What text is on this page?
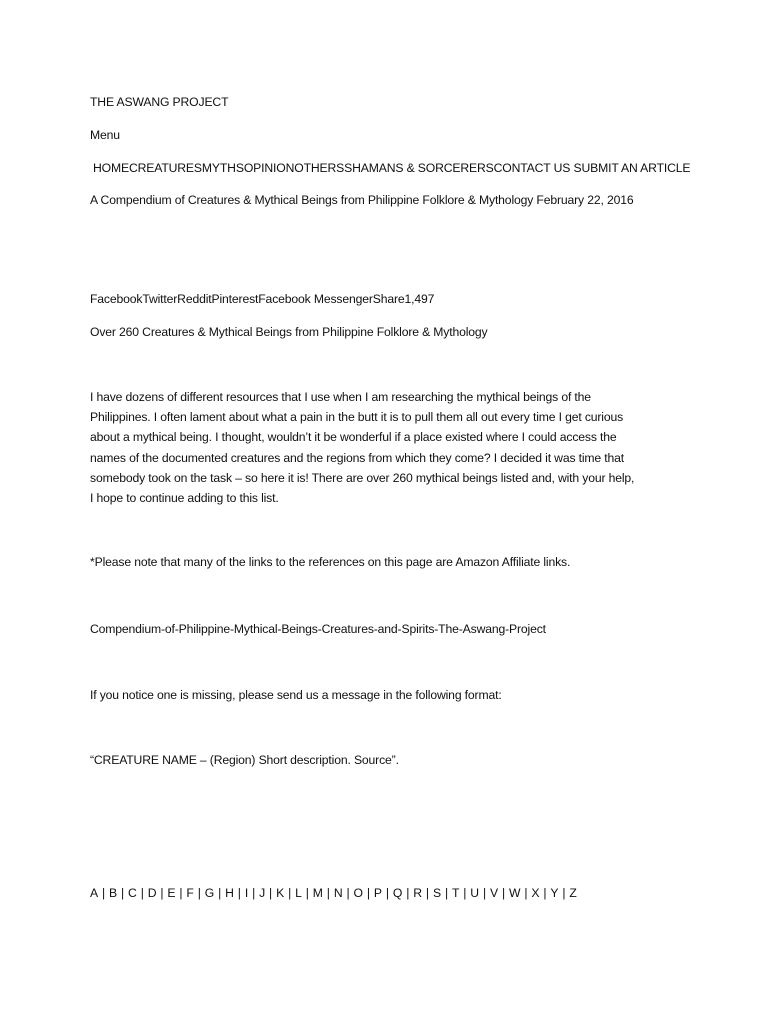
THE ASWANG PROJECT
Menu
HOMECREATURESMYTHSOPINIONOTHERSSHAMANS & SORCERERSCONTACT US SUBMIT AN ARTICLE
A Compendium of Creatures & Mythical Beings from Philippine Folklore & Mythology February 22, 2016
FacebookTwitterRedditPinterestFacebook MessengerShare1,497
Over 260 Creatures & Mythical Beings from Philippine Folklore & Mythology
I have dozens of different resources that I use when I am researching the mythical beings of the
Philippines. I often lament about what a pain in the butt it is to pull them all out every time I get curious
about a mythical being. I thought, wouldn’t it be wonderful if a place existed where I could access the
names of the documented creatures and the regions from which they come? I decided it was time that
somebody took on the task – so here it is! There are over 260 mythical beings listed and, with your help,
I hope to continue adding to this list.
*Please note that many of the links to the references on this page are Amazon Affiliate links.
Compendium-of-Philippine-Mythical-Beings-Creatures-and-Spirits-The-Aswang-Project
If you notice one is missing, please send us a message in the following format:
“CREATURE NAME – (Region) Short description. Source”.
A | B | C | D | E | F | G | H | I | J | K | L | M | N | O | P | Q | R | S | T | U | V | W | X | Y | Z
